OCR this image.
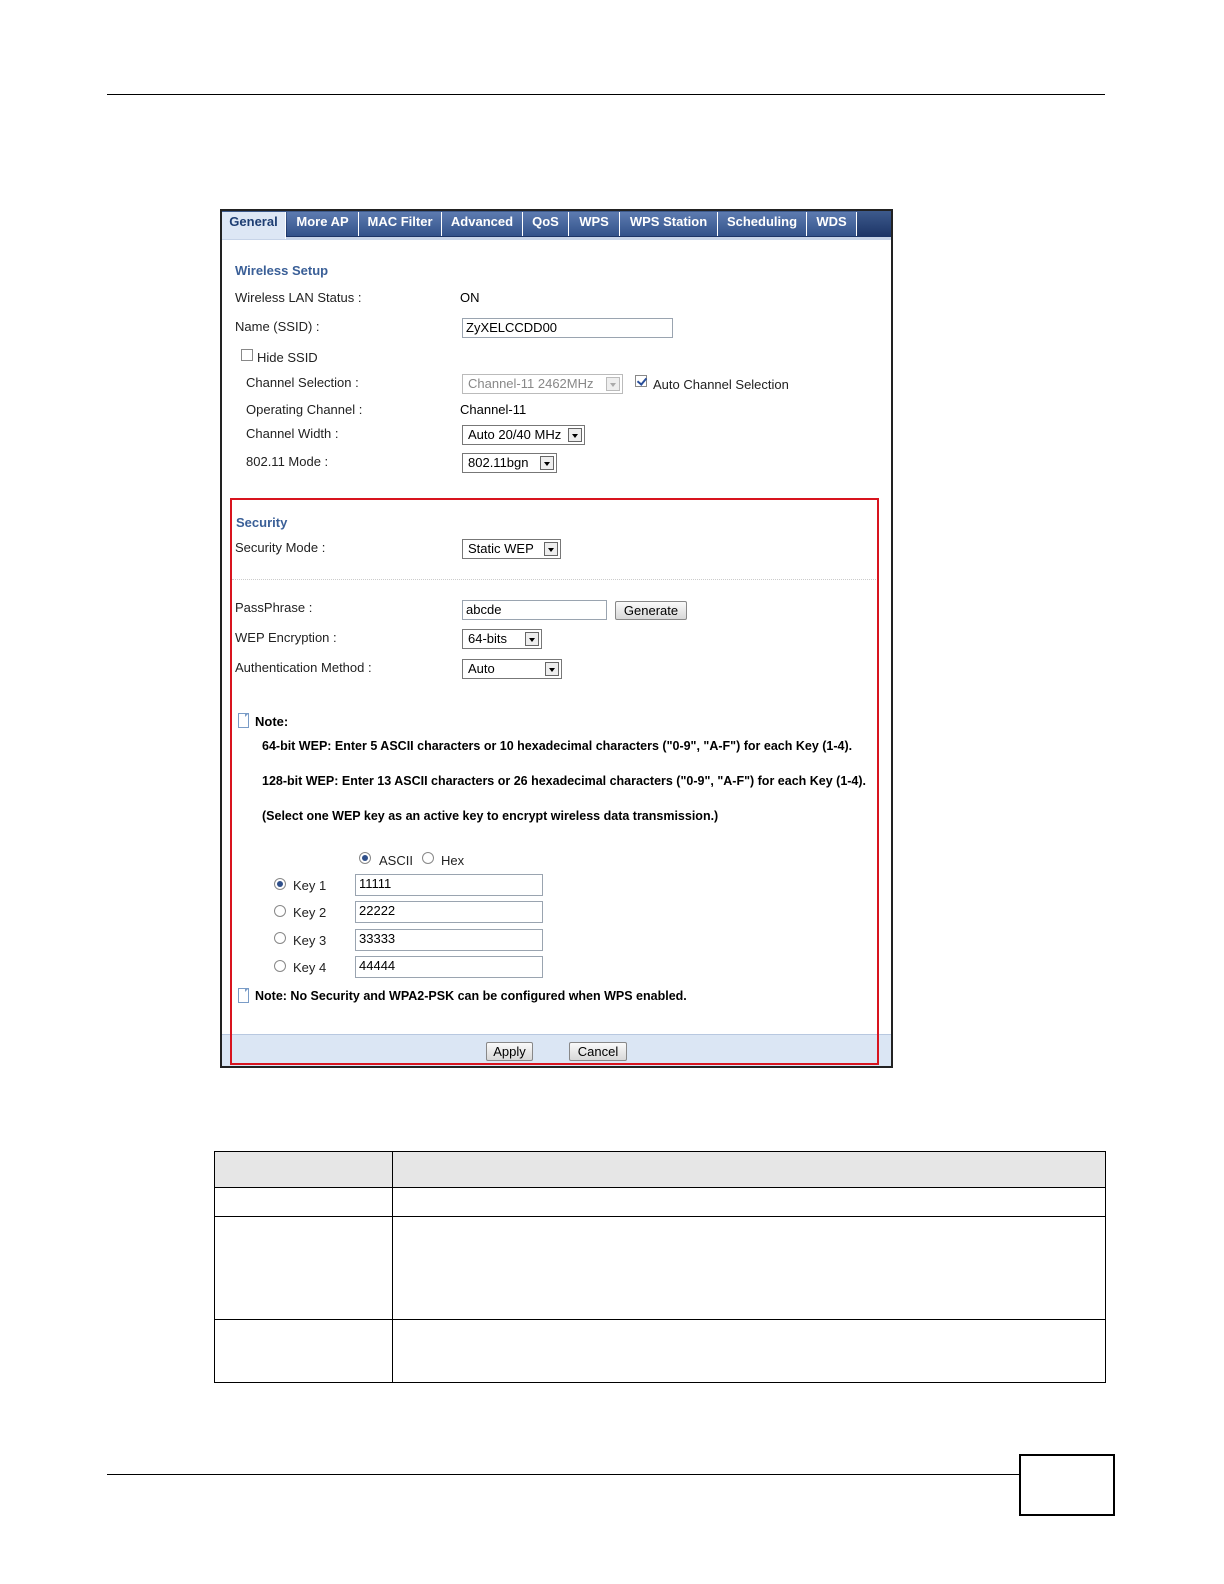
General	More AP	MAC Filter	Advanced	QoS	WPS	WPS Station	Scheduling	WDS
Wireless Setup
Wireless LAN Status :	ON
Name (SSID) :	ZyXELCCDD00
Hide SSID
Channel Selection :	Channel-11 2462MHz	Auto Channel Selection
Operating Channel :	Channel-11
Channel Width :	Auto 20/40 MHz
802.11 Mode :	802.11bgn
Security
Security Mode :	Static WEP
PassPhrase :	abcde	Generate
WEP Encryption :	64-bits
Authentication Method :	Auto
Note:
64-bit WEP: Enter 5 ASCII characters or 10 hexadecimal characters ("0-9", "A-F") for each Key (1-4).
128-bit WEP: Enter 13 ASCII characters or 26 hexadecimal characters ("0-9", "A-F") for each Key (1-4).
(Select one WEP key as an active key to encrypt wireless data transmission.)
ASCII Hex
Key 1	11111
Key 2	22222
Key 3	33333
Key 4	44444
Note: No Security and WPA2-PSK can be configured when WPS enabled.
Apply	Cancel
